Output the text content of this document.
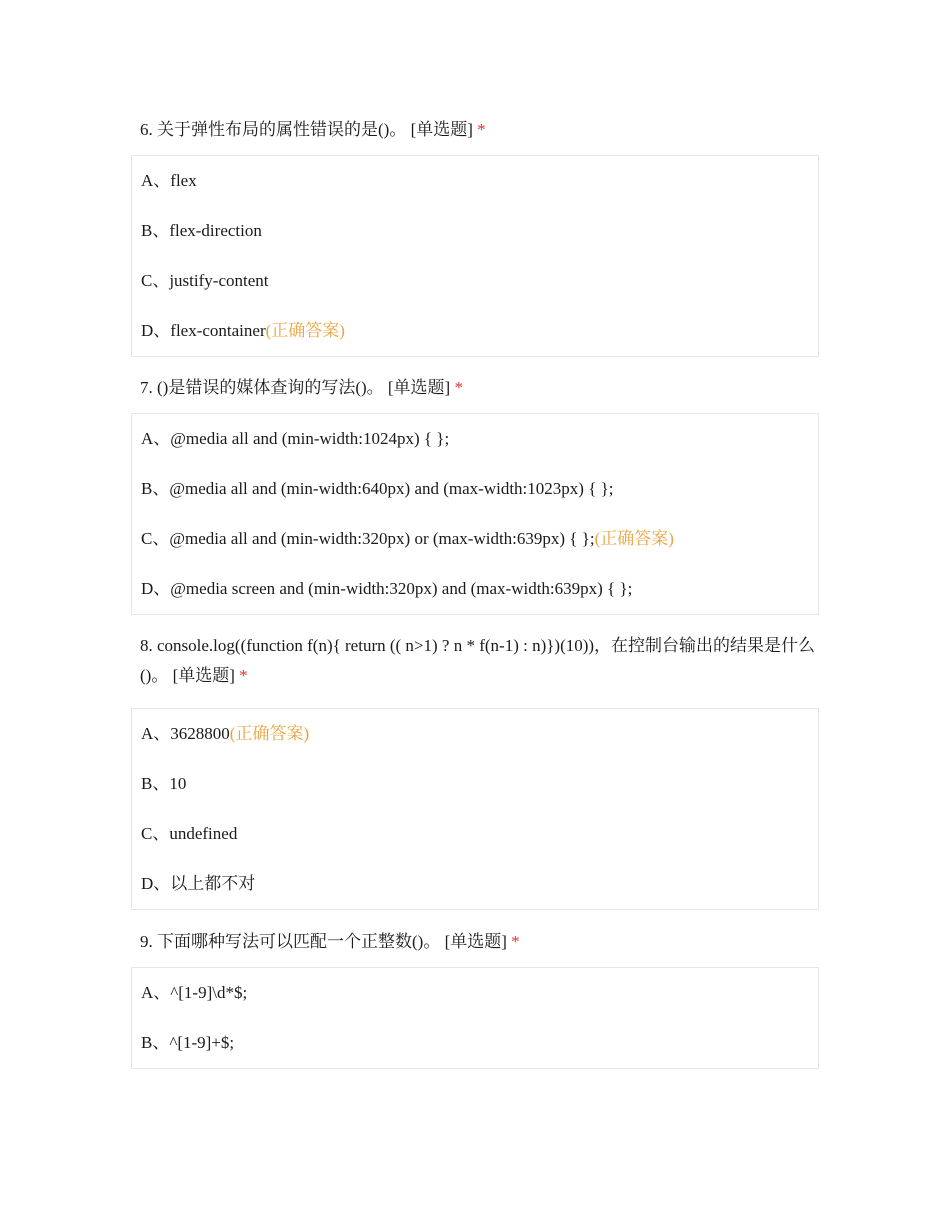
6. 关于弹性布局的属性错误的是()。 [单选题] *
A、flex
B、flex-direction
C、justify-content
D、flex-container(正确答案)
7. ()是错误的媒体查询的写法()。 [单选题] *
A、@media all and (min-width:1024px) { };
B、@media all and (min-width:640px) and (max-width:1023px) { };
C、@media all and (min-width:320px) or (max-width:639px) { };(正确答案)
D、@media screen and (min-width:320px) and (max-width:639px) { };
8. console.log((function f(n){ return (( n>1) ? n * f(n-1) : n)})(10))，在控制台输出的结果是什么()。 [单选题] *
A、3628800(正确答案)
B、10
C、undefined
D、以上都不对
9. 下面哪种写法可以匹配一个正整数()。 [单选题] *
A、^[1-9]\d*$;
B、^[1-9]+$;
